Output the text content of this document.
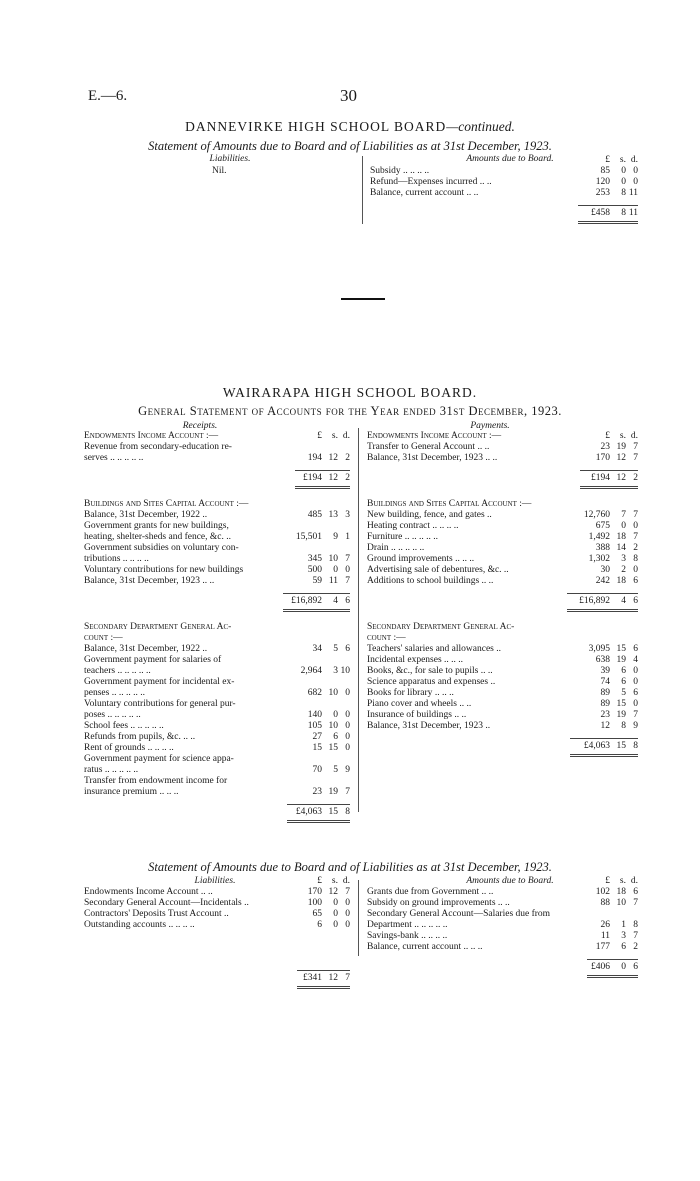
E.—6.	30
DANNEVIRKE HIGH SCHOOL BOARD—continued.
Statement of Amounts due to Board and of Liabilities as at 31st December, 1923.
Liabilities.
Nil.
Amounts due to Board.
		£	s.	d.
Subsidy .. .. .. ..	85	0	0
Refund—Expenses incurred .. ..	120	0	0
Balance, current account .. ..	253	8	11

	£458	8	11
WAIRARAPA HIGH SCHOOL BOARD.
General Statement of Accounts for the Year ended 31st December, 1923.
Receipts.	Payments.
Endowments Income Account :—	£	s.	d.
Revenue from secondary-education re-			
serves .. .. .. .. ..	194	12	2

	£194	12	2
Buildings and Sites Capital Account :—			
Balance, 31st December, 1922 ..	485	13	3
Government grants for new buildings,			
heating, shelter-sheds and fence, &c. ..	15,501	9	1
Government subsidies on voluntary con-			
tributions .. .. .. ..	345	10	7
Voluntary contributions for new buildings	500	0	0
Balance, 31st December, 1923 .. ..	59	11	7

	£16,892	4	6
Secondary Department General Ac-			
count :—			
Balance, 31st December, 1922 ..	34	5	6
Government payment for salaries of			
teachers .. .. .. .. ..	2,964	3	10
Government payment for incidental ex-			
penses .. .. .. .. ..	682	10	0
Voluntary contributions for general pur-			
poses .. .. .. .. ..	140	0	0
School fees .. .. .. .. ..	105	10	0
Refunds from pupils, &c. .. ..	27	6	0
Rent of grounds .. .. .. ..	15	15	0
Government payment for science appa-			
ratus .. .. .. .. ..	70	5	9
Transfer from endowment income for			
insurance premium .. .. ..	23	19	7

	£4,063	15	8
Endowments Income Account :—	£	s.	d.
Transfer to General Account .. ..	23	19	7
Balance, 31st December, 1923 .. ..	170	12	7

	£194	12	2
Buildings and Sites Capital Account :—			
New building, fence, and gates ..	12,760	7	7
Heating contract .. .. .. ..	675	0	0
Furniture .. .. .. .. ..	1,492	18	7
Drain .. .. .. .. ..	388	14	2
Ground improvements .. .. ..	1,302	3	8
Advertising sale of debentures, &c. ..	30	2	0
Additions to school buildings .. ..	242	18	6

	£16,892	4	6
Secondary Department General Ac-			
count :—			
Teachers' salaries and allowances ..	3,095	15	6
Incidental expenses .. .. ..	638	19	4
Books, &c., for sale to pupils .. ..	39	6	0
Science apparatus and expenses ..	74	6	0
Books for library .. .. ..	89	5	6
Piano cover and wheels .. ..	89	15	0
Insurance of buildings .. ..	23	19	7
Balance, 31st December, 1923 ..	12	8	9

	£4,063	15	8
Statement of Amounts due to Board and of Liabilities as at 31st December, 1923.
Liabilities.	Amounts due to Board.
	£	s.	d.
Endowments Income Account .. ..	170	12	7
Secondary General Account—Incidentals ..	100	0	0
Contractors' Deposits Trust Account ..	65	0	0
Outstanding accounts .. .. .. ..	6	0	0

	£341	12	7
	£	s.	d.
Grants due from Government .. ..	102	18	6
Subsidy on ground improvements .. ..	88	10	7
Secondary General Account—Salaries due from			
Department .. .. .. .. ..	26	1	8
Savings-bank .. .. .. ..	11	3	7
Balance, current account .. .. ..	177	6	2

	£406	0	6
